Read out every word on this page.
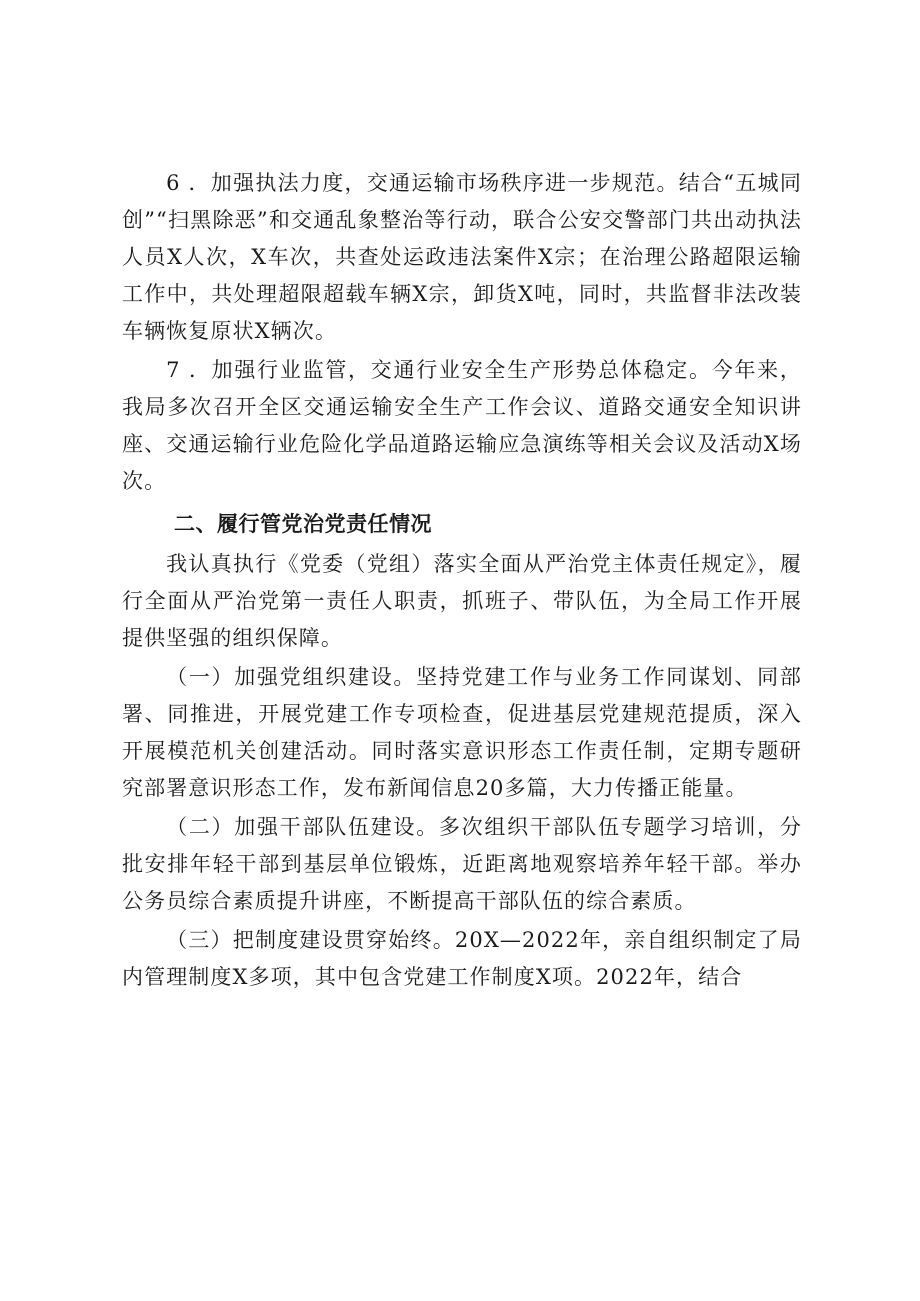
6 ．加强执法力度，交通运输市场秩序进一步规范。结合“五城同创”“扫黑除恶”和交通乱象整治等行动，联合公安交警部门共出动执法人员X人次，X车次，共查处运政违法案件X宗；在治理公路超限运输工作中，共处理超限超载车辆X宗，卸货X吨，同时，共监督非法改装车辆恢复原状X辆次。

7 ．加强行业监管，交通行业安全生产形势总体稳定。今年来，我局多次召开全区交通运输安全生产工作会议、道路交通安全知识讲座、交通运输行业危险化学品道路运输应急演练等相关会议及活动X场次。

二、履行管党治党责任情况

我认真执行《党委（党组）落实全面从严治党主体责任规定》，履行全面从严治党第一责任人职责，抓班子、带队伍，为全局工作开展提供坚强的组织保障。

（一）加强党组织建设。坚持党建工作与业务工作同谋划、同部署、同推进，开展党建工作专项检查，促进基层党建规范提质，深入开展模范机关创建活动。同时落实意识形态工作责任制，定期专题研究部署意识形态工作，发布新闻信息20多篇，大力传播正能量。

（二）加强干部队伍建设。多次组织干部队伍专题学习培训，分批安排年轻干部到基层单位锻炼，近距离地观察培养年轻干部。举办公务员综合素质提升讲座，不断提高干部队伍的综合素质。

（三）把制度建设贯穿始终。20X—2022年，亲自组织制定了局内管理制度X多项，其中包含党建工作制度X项。2022年，结合
